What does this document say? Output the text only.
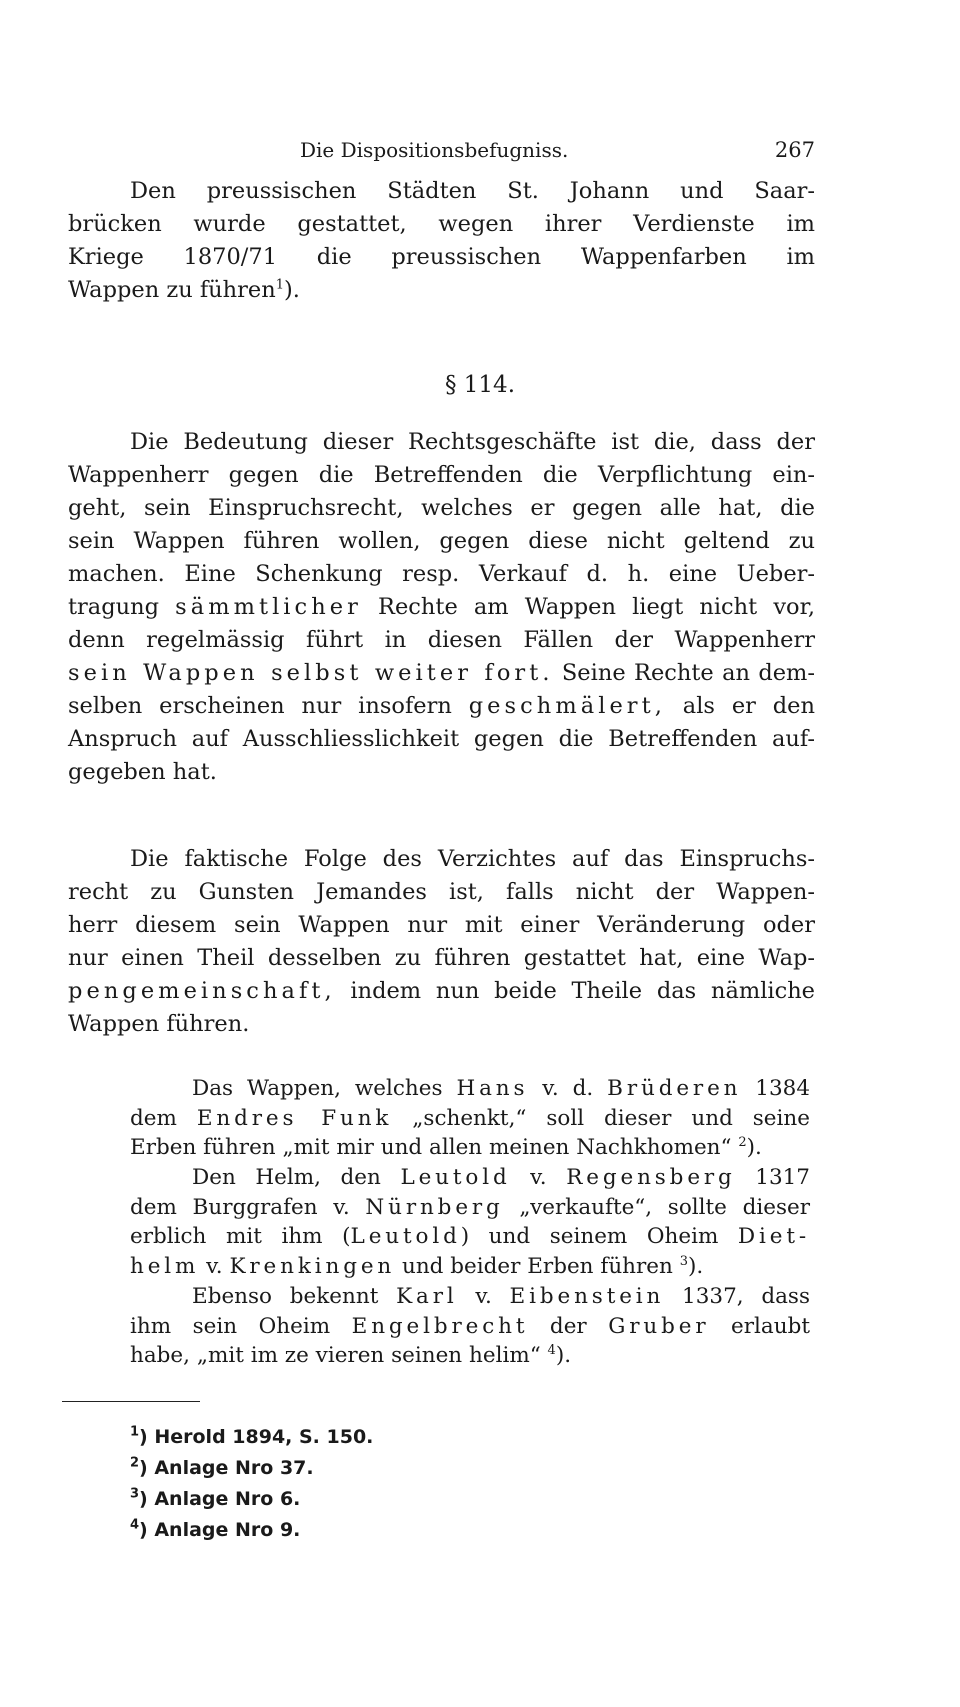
Die Dispositionsbefugniss.	267
Den preussischen Städten St. Johann und Saar-
brücken wurde gestattet, wegen ihrer Verdienste im
Kriege 1870/71 die preussischen Wappenfarben im
Wappen zu führen$^1$).
§ 114.
Die Bedeutung dieser Rechtsgeschäfte ist die, dass der
Wappenherr gegen die Betreffenden die Verpflichtung ein-
geht, sein Einspruchsrecht, welches er gegen alle hat, die
sein Wappen führen wollen, gegen diese nicht geltend zu
machen. Eine Schenkung resp. Verkauf d. h. eine Ueber-
tragung sämmtlicher Rechte am Wappen liegt nicht vor,
denn regelmässig führt in diesen Fällen der Wappenherr
sein Wappen selbst weiter fort. Seine Rechte an dem-
selben erscheinen nur insofern geschmälert, als er den
Anspruch auf Ausschliesslichkeit gegen die Betreffenden auf-
gegeben hat.
Die faktische Folge des Verzichtes auf das Einspruchs-
recht zu Gunsten Jemandes ist, falls nicht der Wappen-
herr diesem sein Wappen nur mit einer Veränderung oder
nur einen Theil desselben zu führen gestattet hat, eine Wap-
pengemeinschaft, indem nun beide Theile das nämliche
Wappen führen.
Das Wappen, welches Hans v. d. Brüderen 1384
dem Endres Funk „schenkt,“ soll dieser und seine
Erben führen „mit mir und allen meinen Nachkhomen“ $^2$).
Den Helm, den Leutold v. Regensberg 1317
dem Burggrafen v. Nürnberg „verkaufte“, sollte dieser
erblich mit ihm (Leutold) und seinem Oheim Diet-
helm v. Krenkingen und beider Erben führen $^3$).
Ebenso bekennt Karl v. Eibenstein 1337, dass
ihm sein Oheim Engelbrecht der Gruber erlaubt
habe, „mit im ze vieren seinen helim“ $^4$).
$^1$) Herold 1894, S. 150.
$^2$) Anlage Nro 37.
$^3$) Anlage Nro 6.
$^4$) Anlage Nro 9.
